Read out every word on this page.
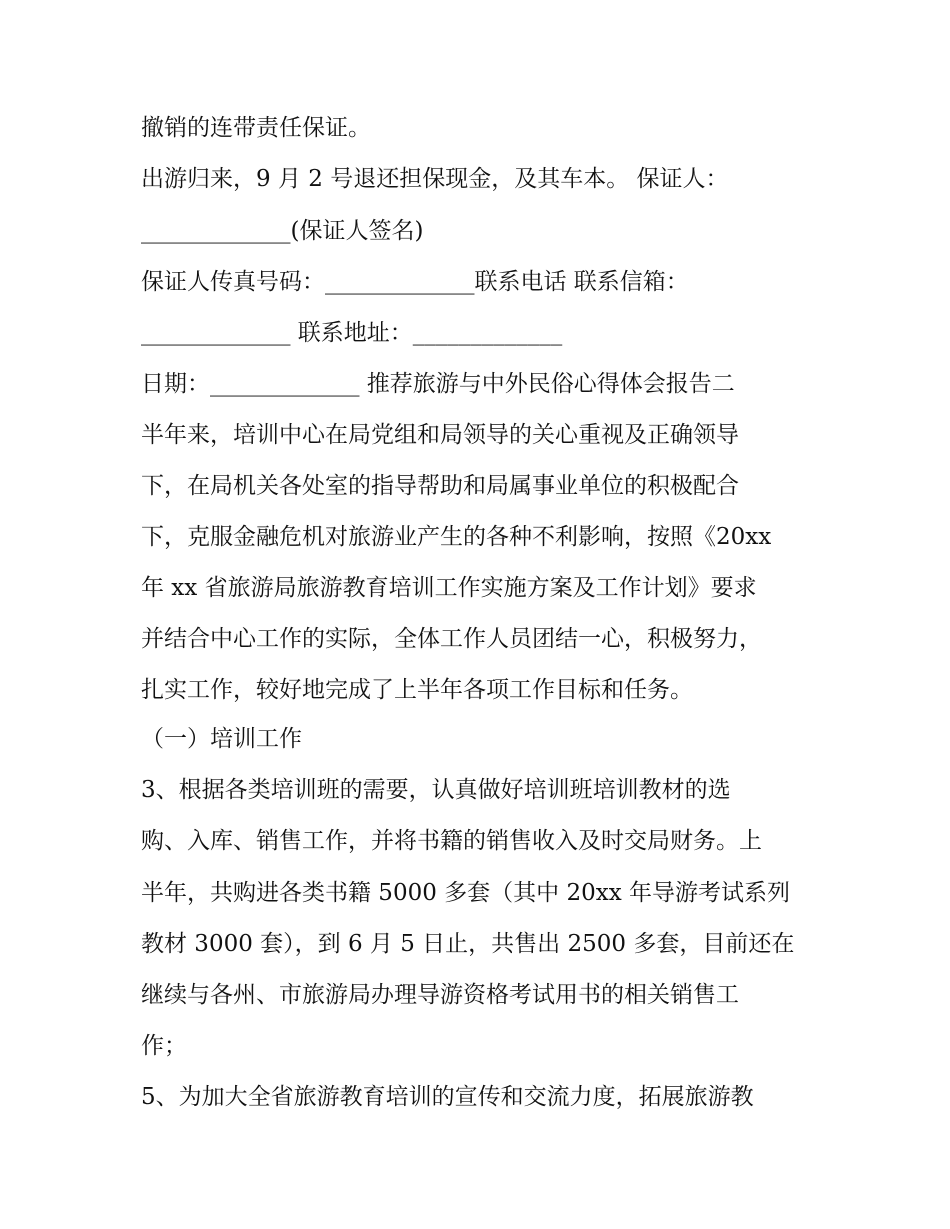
撤销的连带责任保证。
出游归来，9 月 2 号退还担保现金，及其车本。 保证人：
_____________(保证人签名)
保证人传真号码：_____________联系电话 联系信箱：
_____________ 联系地址：_____________
日期：_____________ 推荐旅游与中外民俗心得体会报告二
半年来，培训中心在局党组和局领导的关心重视及正确领导
下，在局机关各处室的指导帮助和局属事业单位的积极配合
下，克服金融危机对旅游业产生的各种不利影响，按照《20xx
年 xx 省旅游局旅游教育培训工作实施方案及工作计划》要求
并结合中心工作的实际，全体工作人员团结一心，积极努力，
扎实工作，较好地完成了上半年各项工作目标和任务。
（一）培训工作
3、根据各类培训班的需要，认真做好培训班培训教材的选
购、入库、销售工作，并将书籍的销售收入及时交局财务。上
半年，共购进各类书籍 5000 多套（其中 20xx 年导游考试系列
教材 3000 套），到 6 月 5 日止，共售出 2500 多套，目前还在
继续与各州、市旅游局办理导游资格考试用书的相关销售工
作；
5、为加大全省旅游教育培训的宣传和交流力度，拓展旅游教
